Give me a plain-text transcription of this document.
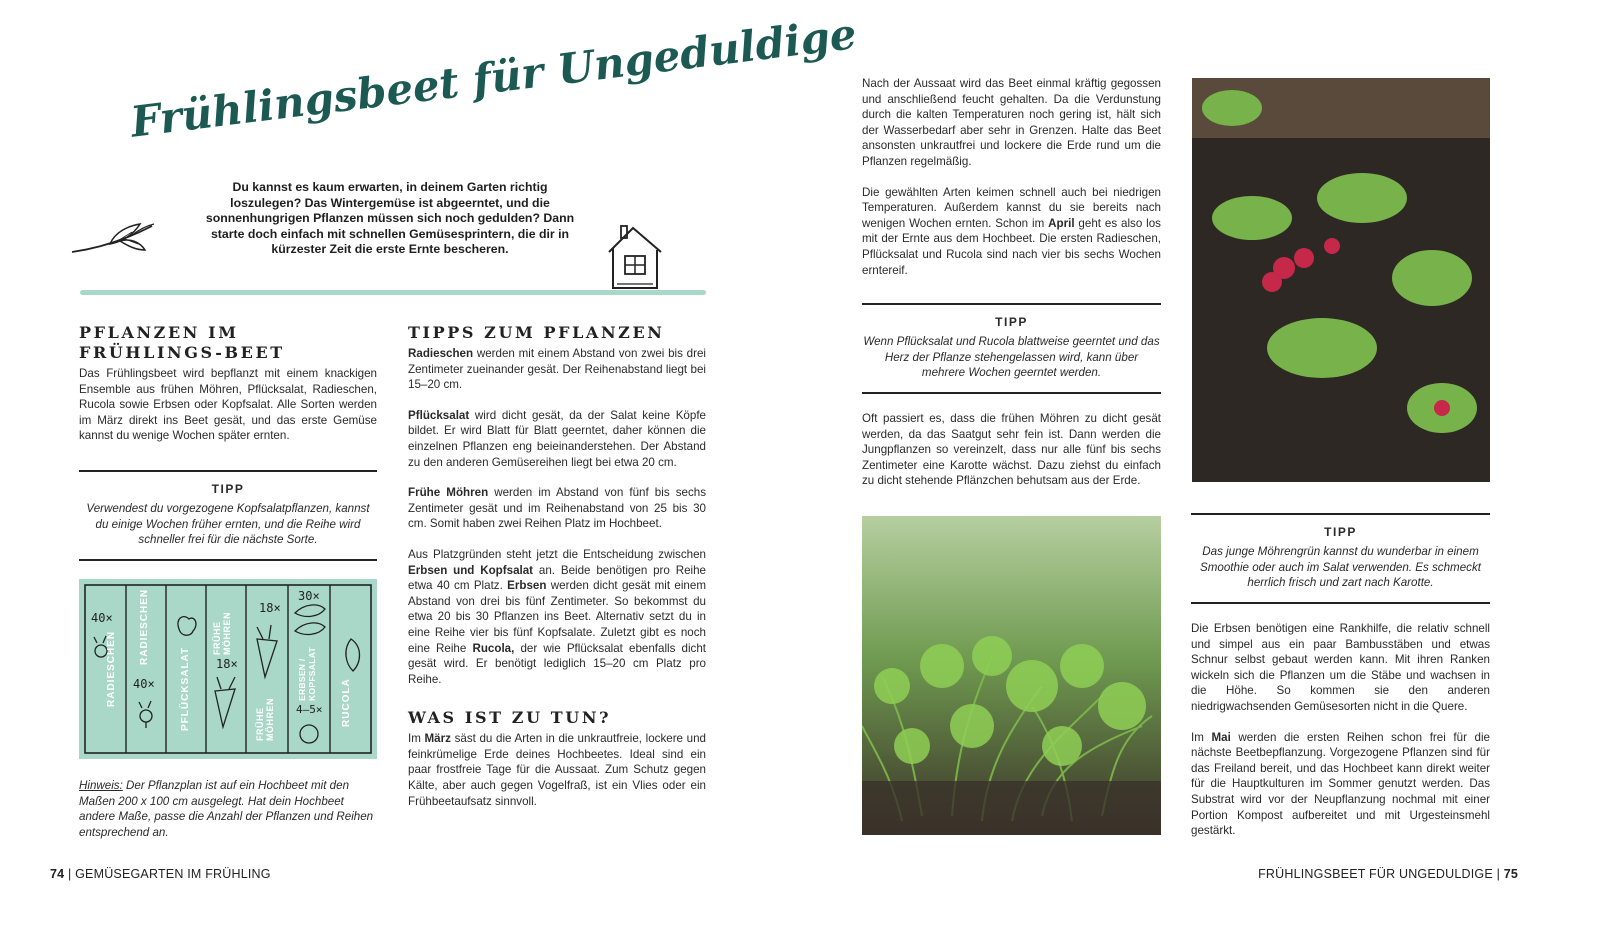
Frühlingsbeet für Ungeduldige
Du kannst es kaum erwarten, in deinem Garten richtig loszulegen? Das Wintergemüse ist abgeerntet, und die sonnenhungrigen Pflanzen müssen sich noch gedulden? Dann starte doch einfach mit schnellen Gemüsesprintern, die dir in kürzester Zeit die erste Ernte bescheren.
PFLANZEN IM FRÜHLINGS-BEET

Das Frühlingsbeet wird bepflanzt mit einem knackigen Ensemble aus frühen Möhren, Pflücksalat, Radieschen, Rucola sowie Erbsen oder Kopfsalat. Alle Sorten werden im März direkt ins Beet gesät, und das erste Gemüse kannst du wenige Wochen später ernten.

TIPP
Verwendest du vorgezogene Kopfsalatpflanzen, kannst du einige Wochen früher ernten, und die Reihe wird schneller frei für die nächste Sorte.
40×
RADIESCHEN
RADIESCHEN
40×	PFLÜCKSALAT
FRÜHE MÖHREN
18×
18×
FRÜHE MÖHREN
30×
4–5×
ERBSEN / KOPFSALAT
RUCOLA
Hinweis: Der Pflanzplan ist auf ein Hochbeet mit den Maßen 200 x 100 cm ausgelegt. Hat dein Hochbeet andere Maße, passe die Anzahl der Pflanzen und Reihen entsprechend an.
TIPPS ZUM PFLANZEN

Radieschen werden mit einem Abstand von zwei bis drei Zentimeter zueinander gesät. Der Reihenabstand liegt bei 15–20 cm.

Pflücksalat wird dicht gesät, da der Salat keine Köpfe bildet. Er wird Blatt für Blatt geerntet, daher können die einzelnen Pflanzen eng beieinanderstehen. Der Abstand zu den anderen Gemüsereihen liegt bei etwa 20 cm.

Frühe Möhren werden im Abstand von fünf bis sechs Zentimeter gesät und im Reihenabstand von 25 bis 30 cm. Somit haben zwei Reihen Platz im Hochbeet.

Aus Platzgründen steht jetzt die Entscheidung zwischen Erbsen und Kopfsalat an. Beide benötigen pro Reihe etwa 40 cm Platz. Erbsen werden dicht gesät mit einem Abstand von drei bis fünf Zentimeter. So bekommst du etwa 20 bis 30 Pflanzen ins Beet. Alternativ setzt du in eine Reihe vier bis fünf Kopfsalate. Zuletzt gibt es noch eine Reihe Rucola, der wie Pflücksalat ebenfalls dicht gesät wird. Er benötigt lediglich 15–20 cm Platz pro Reihe.

WAS IST ZU TUN?

Im März säst du die Arten in die unkrautfreie, lockere und feinkrümelige Erde deines Hochbeetes. Ideal sind ein paar frostfreie Tage für die Aussaat. Zum Schutz gegen Kälte, aber auch gegen Vogelfraß, ist ein Vlies oder ein Frühbeetaufsatz sinnvoll.

74 | GEMÜSEGARTEN IM FRÜHLING

Nach der Aussaat wird das Beet einmal kräftig gegossen und anschließend feucht gehalten. Da die Verdunstung durch die kalten Temperaturen noch gering ist, hält sich der Wasserbedarf aber sehr in Grenzen. Halte das Beet ansonsten unkrautfrei und lockere die Erde rund um die Pflanzen regelmäßig.

Die gewählten Arten keimen schnell auch bei niedrigen Temperaturen. Außerdem kannst du sie bereits nach wenigen Wochen ernten. Schon im April geht es also los mit der Ernte aus dem Hochbeet. Die ersten Radieschen, Pflücksalat und Rucola sind nach vier bis sechs Wochen erntereif.

TIPP
Wenn Pflücksalat und Rucola blattweise geerntet und das Herz der Pflanze stehengelassen wird, kann über mehrere Wochen geerntet werden.

Oft passiert es, dass die frühen Möhren zu dicht gesät werden, da das Saatgut sehr fein ist. Dann werden die Jungpflanzen so vereinzelt, dass nur alle fünf bis sechs Zentimeter eine Karotte wächst. Dazu ziehst du einfach zu dicht stehende Pflänzchen behutsam aus der Erde.

TIPP
Das junge Möhrengrün kannst du wunderbar in einem Smoothie oder auch im Salat verwenden. Es schmeckt herrlich frisch und zart nach Karotte.

Die Erbsen benötigen eine Rankhilfe, die relativ schnell und simpel aus ein paar Bambusstäben und etwas Schnur selbst gebaut werden kann. Mit ihren Ranken wickeln sich die Pflanzen um die Stäbe und wachsen in die Höhe. So kommen sie den anderen niedrigwachsenden Gemüsesorten nicht in die Quere.

Im Mai werden die ersten Reihen schon frei für die nächste Beetbepflanzung. Vorgezogene Pflanzen sind für das Freiland bereit, und das Hochbeet kann direkt weiter für die Hauptkulturen im Sommer genutzt werden. Das Substrat wird vor der Neupflanzung nochmal mit einer Portion Kompost aufbereitet und mit Urgesteinsmehl gestärkt.

FRÜHLINGSBEET FÜR UNGEDULDIGE | 75
